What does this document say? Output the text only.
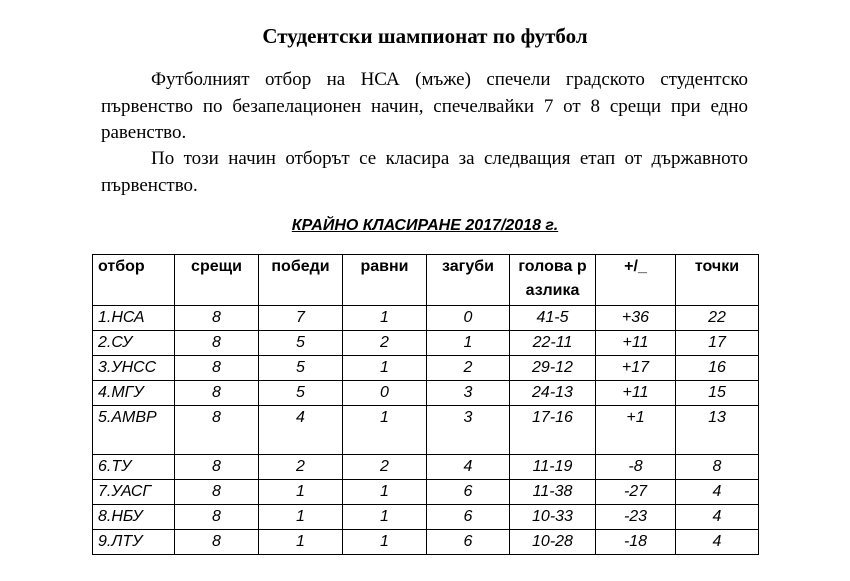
Студентски шампионат по футбол

Футболният отбор на НСА (мъже) спечели градското студентско първенство по безапелационен начин, спечелвайки 7 от 8 срещи при едно равенство.

По този начин отборът се класира за следващия етап от държавното първенство.

КРАЙНО КЛАСИРАНЕ 2017/2018 г.
отбор	срещи	победи	равни	загуби	голова разлика	+/_	точки
1.НСА	8	7	1	0	41-5	+36	22
2.СУ	8	5	2	1	22-11	+11	17
3.УНСС	8	5	1	2	29-12	+17	16
4.МГУ	8	5	0	3	24-13	+11	15
5.АМВР	8	4	1	3	17-16	+1	13
6.ТУ	8	2	2	4	11-19	-8	8
7.УАСГ	8	1	1	6	11-38	-27	4
8.НБУ	8	1	1	6	10-33	-23	4
9.ЛТУ	8	1	1	6	10-28	-18	4
